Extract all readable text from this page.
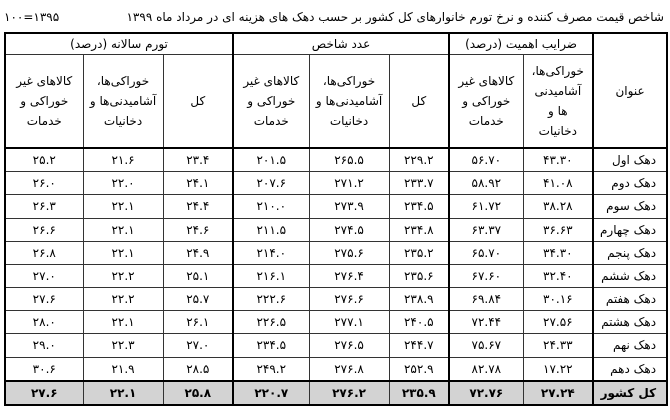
شاخص قیمت مصرف کننده و نرخ تورم خانوارهای کل کشور بر حسب دهک های هزینه ای در مرداد ماه ۱۳۹۹
۱۳۹۵=۱۰۰
عنوان	ضرایب اهمیت (درصد)		عدد شاخص			تورم سالانه (درصد)		

	خوراکی‌ها، آشامیدنی ها و دخانیات	کالاهای غیر خوراکی و خدمات	کل	خوراکی‌ها، آشامیدنی‌ها و دخانیات	کالاهای غیر خوراکی و خدمات	کل	خوراکی‌ها، آشامیدنی‌ها و دخانیات	کالاهای غیر خوراکی و خدمات

دهک اول	۴۳.۳۰	۵۶.۷۰	۲۲۹.۲	۲۶۵.۵	۲۰۱.۵	۲۳.۴	۲۱.۶	۲۵.۲
دهک دوم	۴۱.۰۸	۵۸.۹۲	۲۳۳.۷	۲۷۱.۲	۲۰۷.۶	۲۴.۱	۲۲.۰	۲۶.۰
دهک سوم	۳۸.۲۸	۶۱.۷۲	۲۳۴.۵	۲۷۳.۹	۲۱۰.۰	۲۴.۴	۲۲.۱	۲۶.۳
دهک چهارم	۳۶.۶۳	۶۳.۳۷	۲۳۴.۸	۲۷۴.۵	۲۱۱.۵	۲۴.۶	۲۲.۱	۲۶.۶
دهک پنجم	۳۴.۳۰	۶۵.۷۰	۲۳۵.۲	۲۷۵.۶	۲۱۴.۰	۲۴.۹	۲۲.۱	۲۶.۸
دهک ششم	۳۲.۴۰	۶۷.۶۰	۲۳۵.۶	۲۷۶.۴	۲۱۶.۱	۲۵.۱	۲۲.۲	۲۷.۰
دهک هفتم	۳۰.۱۶	۶۹.۸۴	۲۳۸.۹	۲۷۶.۶	۲۲۲.۶	۲۵.۷	۲۲.۲	۲۷.۶
دهک هشتم	۲۷.۵۶	۷۲.۴۴	۲۴۰.۵	۲۷۷.۱	۲۲۶.۵	۲۶.۱	۲۲.۱	۲۸.۰
دهک نهم	۲۴.۳۳	۷۵.۶۷	۲۴۴.۷	۲۷۶.۵	۲۳۴.۵	۲۷.۰	۲۲.۳	۲۹.۰
دهک دهم	۱۷.۲۲	۸۲.۷۸	۲۵۲.۹	۲۷۶.۸	۲۴۹.۲	۲۸.۵	۲۱.۹	۳۰.۶
کل کشور	۲۷.۲۴	۷۲.۷۶	۲۳۵.۹	۲۷۶.۲	۲۲۰.۷	۲۵.۸	۲۲.۱	۲۷.۶
